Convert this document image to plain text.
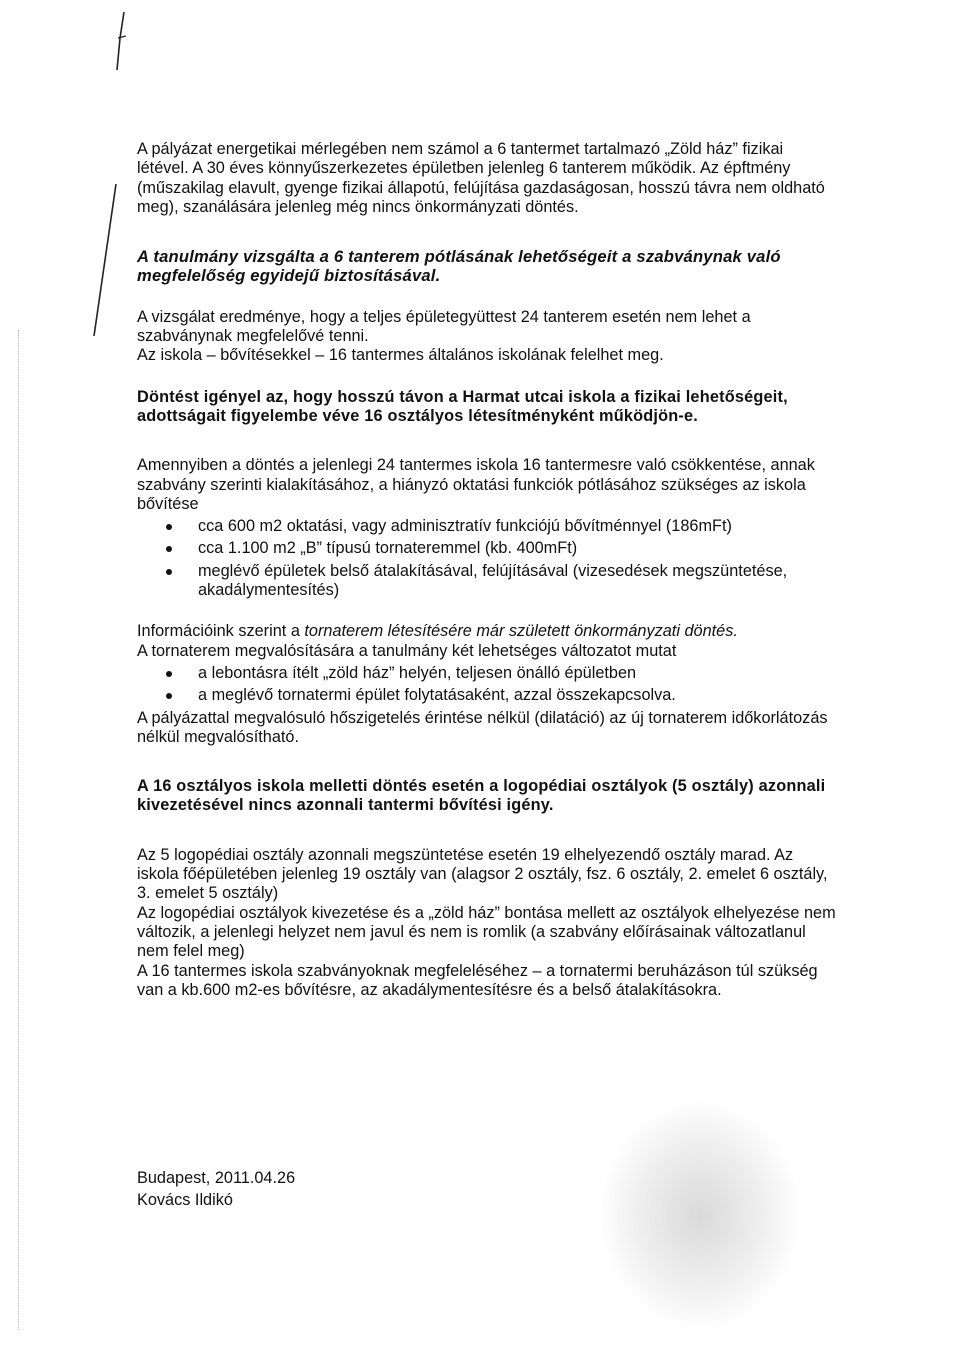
A pályázat energetikai mérlegében nem számol a 6 tantermet tartalmazó „Zöld ház” fizikai létével. A 30 éves könnyűszerkezetes épületben jelenleg 6 tanterem működik. Az épftmény (műszakilag elavult, gyenge fizikai állapotú, felújítása gazdaságosan, hosszú távra nem oldható meg), szanálására jelenleg még nincs önkormányzati döntés.

A tanulmány vizsgálta a 6 tanterem pótlásának lehetőségeit a szabványnak való megfelelőség egyidejű biztosításával.

A vizsgálat eredménye, hogy a teljes épületegyüttest 24 tanterem esetén nem lehet a szabványnak megfelelővé tenni.

Az iskola – bővítésekkel – 16 tantermes általános iskolának felelhet meg.

Döntést igényel az, hogy hosszú távon a Harmat utcai iskola a fizikai lehetőségeit, adottságait figyelembe véve 16 osztályos létesítményként működjön-e.

Amennyiben a döntés a jelenlegi 24 tantermes iskola 16 tantermesre való csökkentése, annak szabvány szerinti kialakításához, a hiányzó oktatási funkciók pótlásához szükséges az iskola bővítése

cca 600 m2 oktatási, vagy adminisztratív funkciójú bővítménnyel (186mFt)
cca 1.100 m2 „B” típusú tornateremmel (kb. 400mFt)
meglévő épületek belső átalakításával, felújításával (vizesedések megszüntetése, akadálymentesítés)

Információink szerint a tornaterem létesítésére már született önkormányzati döntés.

A tornaterem megvalósítására a tanulmány két lehetséges változatot mutat

a lebontásra ítélt „zöld ház” helyén, teljesen önálló épületben
a meglévő tornatermi épület folytatásaként, azzal összekapcsolva.

A pályázattal megvalósuló hőszigetelés érintése nélkül (dilatáció) az új tornaterem időkorlátozás nélkül megvalósítható.

A 16 osztályos iskola melletti döntés esetén a logopédiai osztályok (5 osztály) azonnali kivezetésével nincs azonnali tantermi bővítési igény.

Az 5 logopédiai osztály azonnali megszüntetése esetén 19 elhelyezendő osztály marad. Az iskola főépületében jelenleg 19 osztály van (alagsor 2 osztály, fsz. 6 osztály, 2. emelet 6 osztály, 3. emelet 5 osztály)

Az logopédiai osztályok kivezetése és a „zöld ház” bontása mellett az osztályok elhelyezése nem változik, a jelenlegi helyzet nem javul és nem is romlik (a szabvány előírásainak változatlanul nem felel meg)

A 16 tantermes iskola szabványoknak megfeleléséhez – a tornatermi beruházáson túl szükség van a kb.600 m2-es bővítésre, az akadálymentesítésre és a belső átalakításokra.

Budapest, 2011.04.26
Kovács Ildikó
